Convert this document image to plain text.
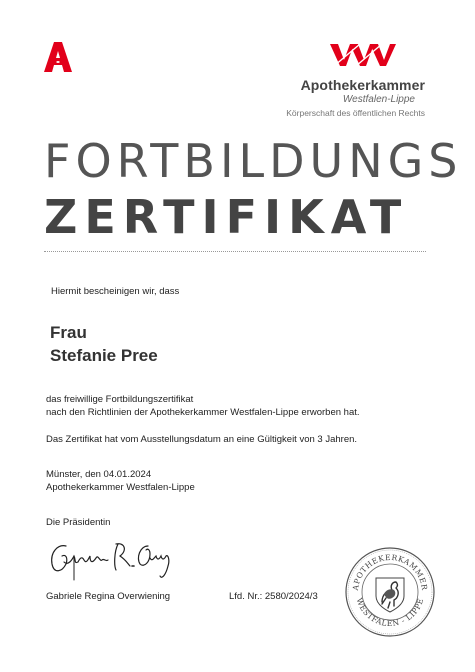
Apothekerkammer
Westfalen-Lippe
Körperschaft des öffentlichen Rechts
FORTBILDUNGS
ZERTIFIKAT
Hiermit bescheinigen wir, dass
Frau
Stefanie Pree
das freiwillige Fortbildungszertifikat
nach den Richtlinien der Apothekerkammer Westfalen-Lippe erworben hat.
Das Zertifikat hat vom Ausstellungsdatum an eine Gültigkeit von 3 Jahren.
Münster, den 04.01.2024
Apothekerkammer Westfalen-Lippe
Die Präsidentin
Gabriele Regina Overwiening	Lfd. Nr.: 2580/2024/3
APOTHEKERKAMMER
WESTFALEN - LIPPE
